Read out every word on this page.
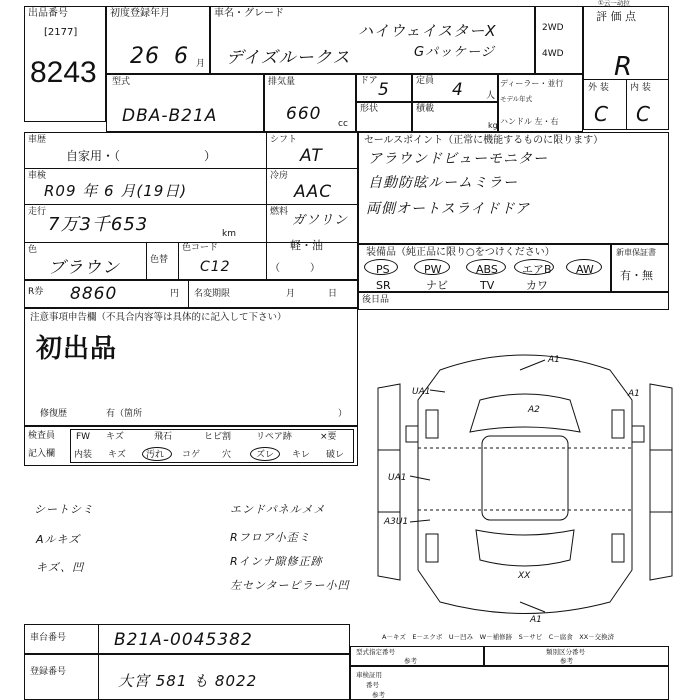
出品番号
[2177]
8243
初度登録年月
26 6 月
車名・グレード
デイズルークス
ハイウェイスターX
Gパッケージ
2WD
4WD
①云一动拉
評 価 点
R
外 装 内 装
C C
型式
DBA-B21A
排気量
660 cc
ドア 5	定員 4 人
形状	積載
kg
ディーラー・並行
モデル年式
ハンドル 左・右
車歴
自家用・（　　　　　　　）
シフト
AT
車検
R09 年 6 月(19日)
冷房
AAC
走行
7万3千653	km
燃料
ガソリン
軽・油
色
ブラウン	色替
色コード
C12	（　　　）
セールスポイント（正常に機能するものに限ります）
アラウンドビューモニター
自動防眩ルームミラー
両側オートスライドドア
装備品（純正品に限り○をつけください）
PS	PW	ABS エアB AW
SR	ナビ	TV	カワ
新車保証書
有・無
後日品
R券 8860	円 名変期限	月	日
注意事項申告欄（不具合内容等は具体的に記入して下さい）
初出品
修復歴	有（箇所	）
検査員
記入欄
FW キズ	飛石	ヒビ割	リペア跡	×要
内装 キズ 汚れ コゲ 穴	ズレ キレ 破レ
シートシミ
Aルキズ
キズ、凹
エンドパネルメメ
Rフロア小歪ミ
Rインナ隙修正跡
左センターピラー小凹
A1
UA1
A2
A1
UA1
A3U1
XX
A1
A－キズ　E－エクボ　U－凹み　W－補修跡　S－サビ　C－腐食　XX－交換済
車台番号	B21A-0045382
登録番号	大宮 581 も 8022
型式指定番号
参考
類別区分番号
参考
車検証用
番号
参考
